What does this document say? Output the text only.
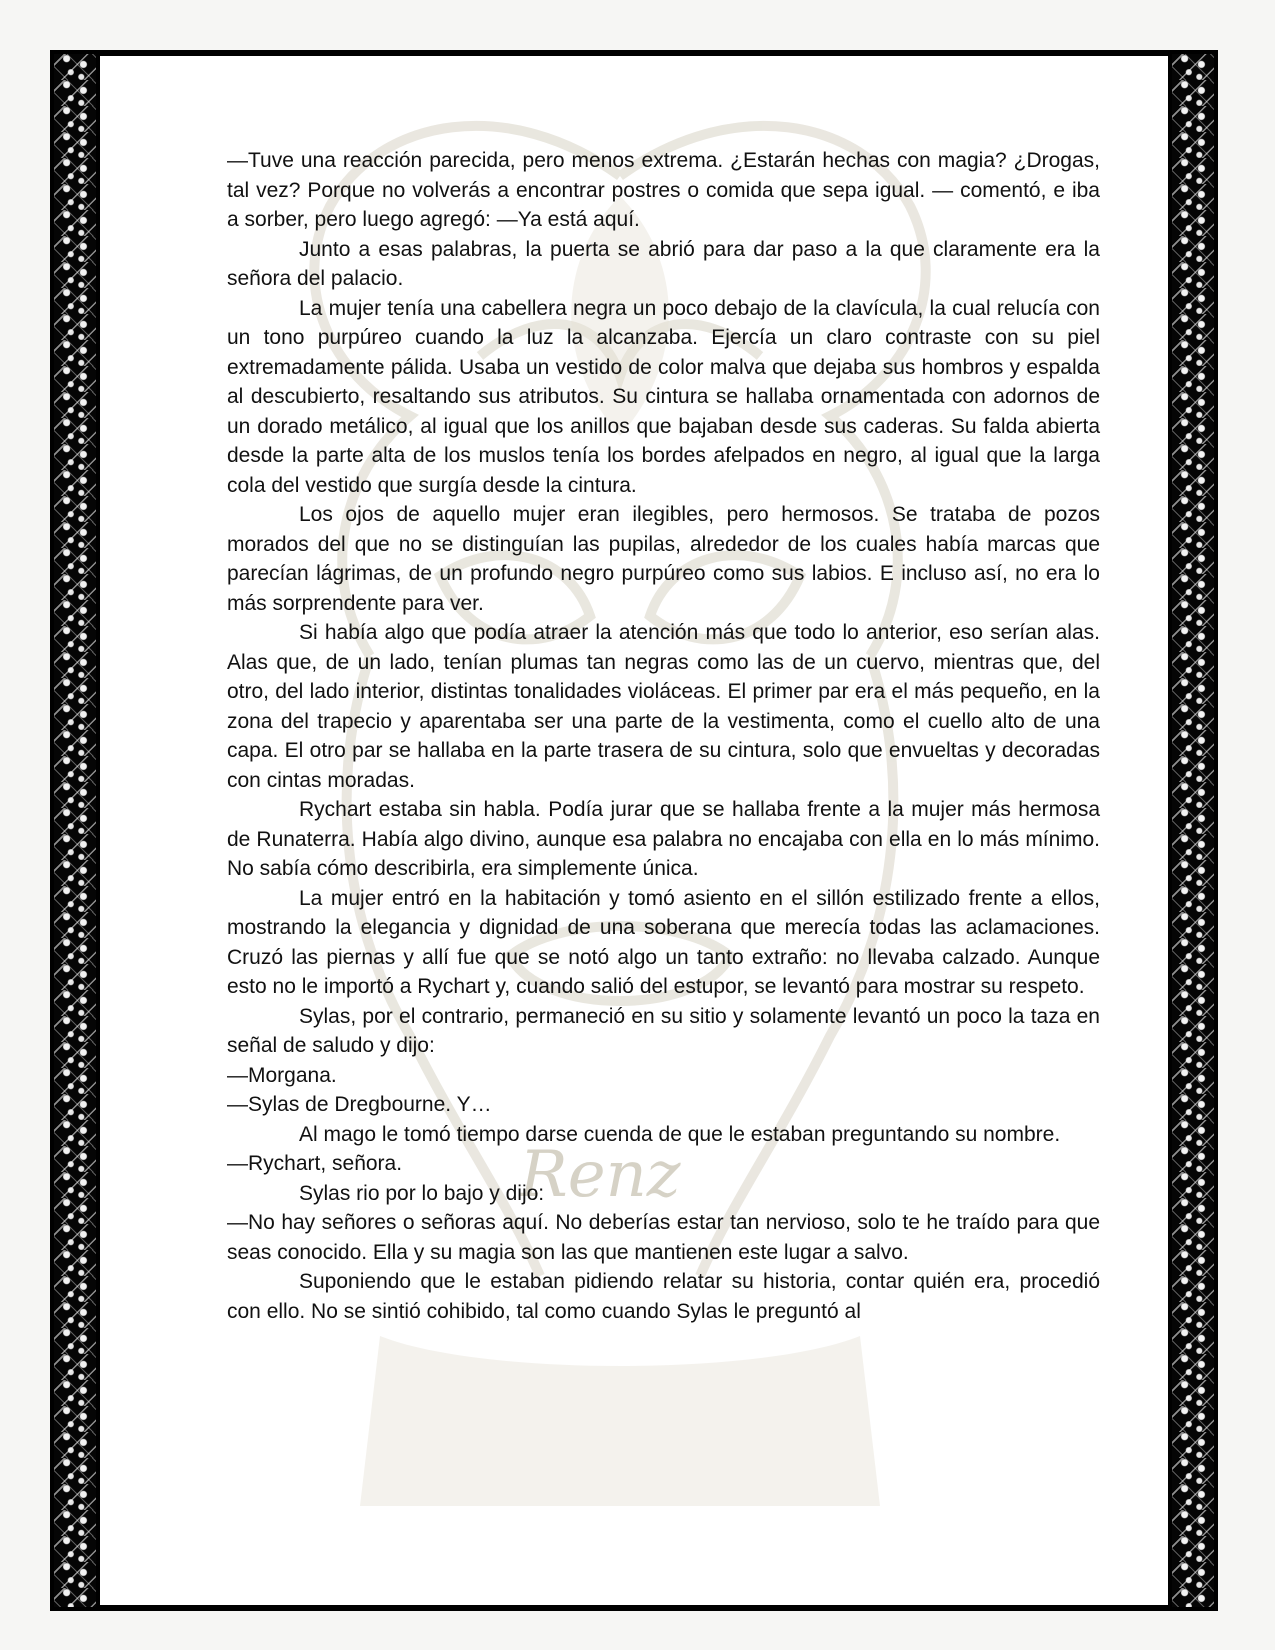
Renz

—Tuve una reacción parecida, pero menos extrema. ¿Estarán hechas con magia? ¿Drogas, tal vez? Porque no volverás a encontrar postres o comida que sepa igual. — comentó, e iba a sorber, pero luego agregó: —Ya está aquí.

Junto a esas palabras, la puerta se abrió para dar paso a la que claramente era la señora del palacio.

La mujer tenía una cabellera negra un poco debajo de la clavícula, la cual relucía con un tono purpúreo cuando la luz la alcanzaba. Ejercía un claro contraste con su piel extremadamente pálida. Usaba un vestido de color malva que dejaba sus hombros y espalda al descubierto, resaltando sus atributos. Su cintura se hallaba ornamentada con adornos de un dorado metálico, al igual que los anillos que bajaban desde sus caderas. Su falda abierta desde la parte alta de los muslos tenía los bordes afelpados en negro, al igual que la larga cola del vestido que surgía desde la cintura.

Los ojos de aquello mujer eran ilegibles, pero hermosos. Se trataba de pozos morados del que no se distinguían las pupilas, alrededor de los cuales había marcas que parecían lágrimas, de un profundo negro purpúreo como sus labios. E incluso así, no era lo más sorprendente para ver.

Si había algo que podía atraer la atención más que todo lo anterior, eso serían alas. Alas que, de un lado, tenían plumas tan negras como las de un cuervo, mientras que, del otro, del lado interior, distintas tonalidades violáceas. El primer par era el más pequeño, en la zona del trapecio y aparentaba ser una parte de la vestimenta, como el cuello alto de una capa. El otro par se hallaba en la parte trasera de su cintura, solo que envueltas y decoradas con cintas moradas.

Rychart estaba sin habla. Podía jurar que se hallaba frente a la mujer más hermosa de Runaterra. Había algo divino, aunque esa palabra no encajaba con ella en lo más mínimo. No sabía cómo describirla, era simplemente única.

La mujer entró en la habitación y tomó asiento en el sillón estilizado frente a ellos, mostrando la elegancia y dignidad de una soberana que merecía todas las aclamaciones. Cruzó las piernas y allí fue que se notó algo un tanto extraño: no llevaba calzado. Aunque esto no le importó a Rychart y, cuando salió del estupor, se levantó para mostrar su respeto.

Sylas, por el contrario, permaneció en su sitio y solamente levantó un poco la taza en señal de saludo y dijo:

—Morgana.

—Sylas de Dregbourne. Y…

Al mago le tomó tiempo darse cuenda de que le estaban preguntando su nombre.

—Rychart, señora.

Sylas rio por lo bajo y dijo:

—No hay señores o señoras aquí. No deberías estar tan nervioso, solo te he traído para que seas conocido. Ella y su magia son las que mantienen este lugar a salvo.

Suponiendo que le estaban pidiendo relatar su historia, contar quién era, procedió con ello. No se sintió cohibido, tal como cuando Sylas le preguntó al
